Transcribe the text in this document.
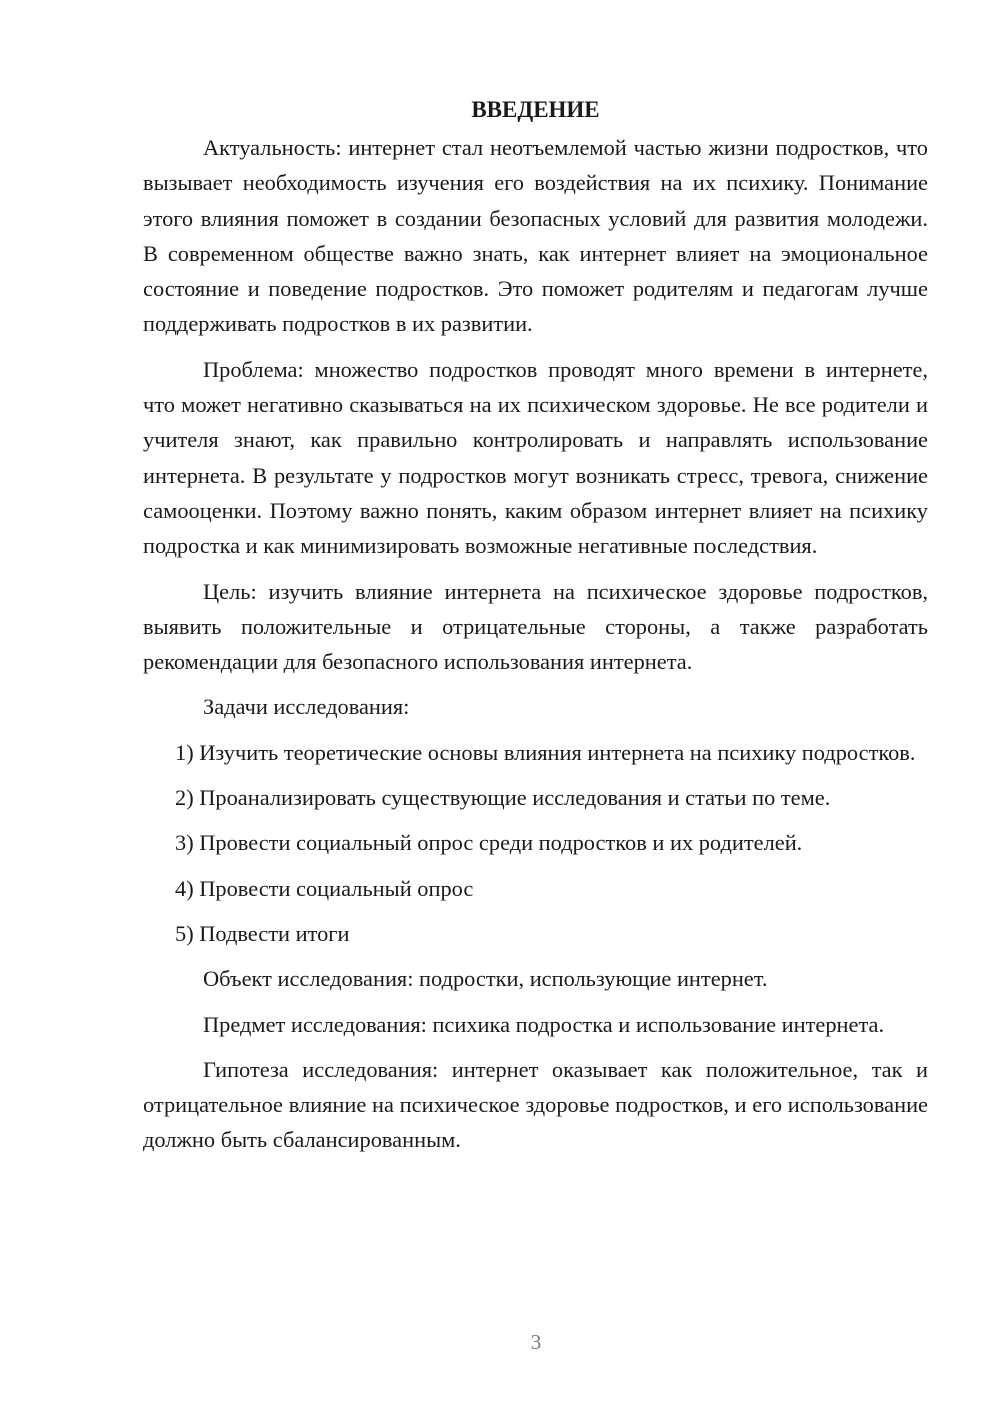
ВВЕДЕНИЕ

Актуальность: интернет стал неотъемлемой частью жизни подростков, что вызывает необходимость изучения его воздействия на их психику. Понимание этого влияния поможет в создании безопасных условий для развития молодежи. В современном обществе важно знать, как интернет влияет на эмоциональное состояние и поведение подростков. Это поможет родителям и педагогам лучше поддерживать подростков в их развитии.

Проблема: множество подростков проводят много времени в интернете, что может негативно сказываться на их психическом здоровье. Не все родители и учителя знают, как правильно контролировать и направлять использование интернета. В результате у подростков могут возникать стресс, тревога, снижение самооценки. Поэтому важно понять, каким образом интернет влияет на психику подростка и как минимизировать возможные негативные последствия.

Цель: изучить влияние интернета на психическое здоровье подростков, выявить положительные и отрицательные стороны, а также разработать рекомендации для безопасного использования интернета.

Задачи исследования:

1) Изучить теоретические основы влияния интернета на психику подростков.

2) Проанализировать существующие исследования и статьи по теме.

3) Провести социальный опрос среди подростков и их родителей.

4) Провести социальный опрос

5) Подвести итоги

Объект исследования: подростки, использующие интернет.

Предмет исследования: психика подростка и использование интернета.

Гипотеза исследования: интернет оказывает как положительное, так и отрицательное влияние на психическое здоровье подростков, и его использование должно быть сбалансированным.

3
